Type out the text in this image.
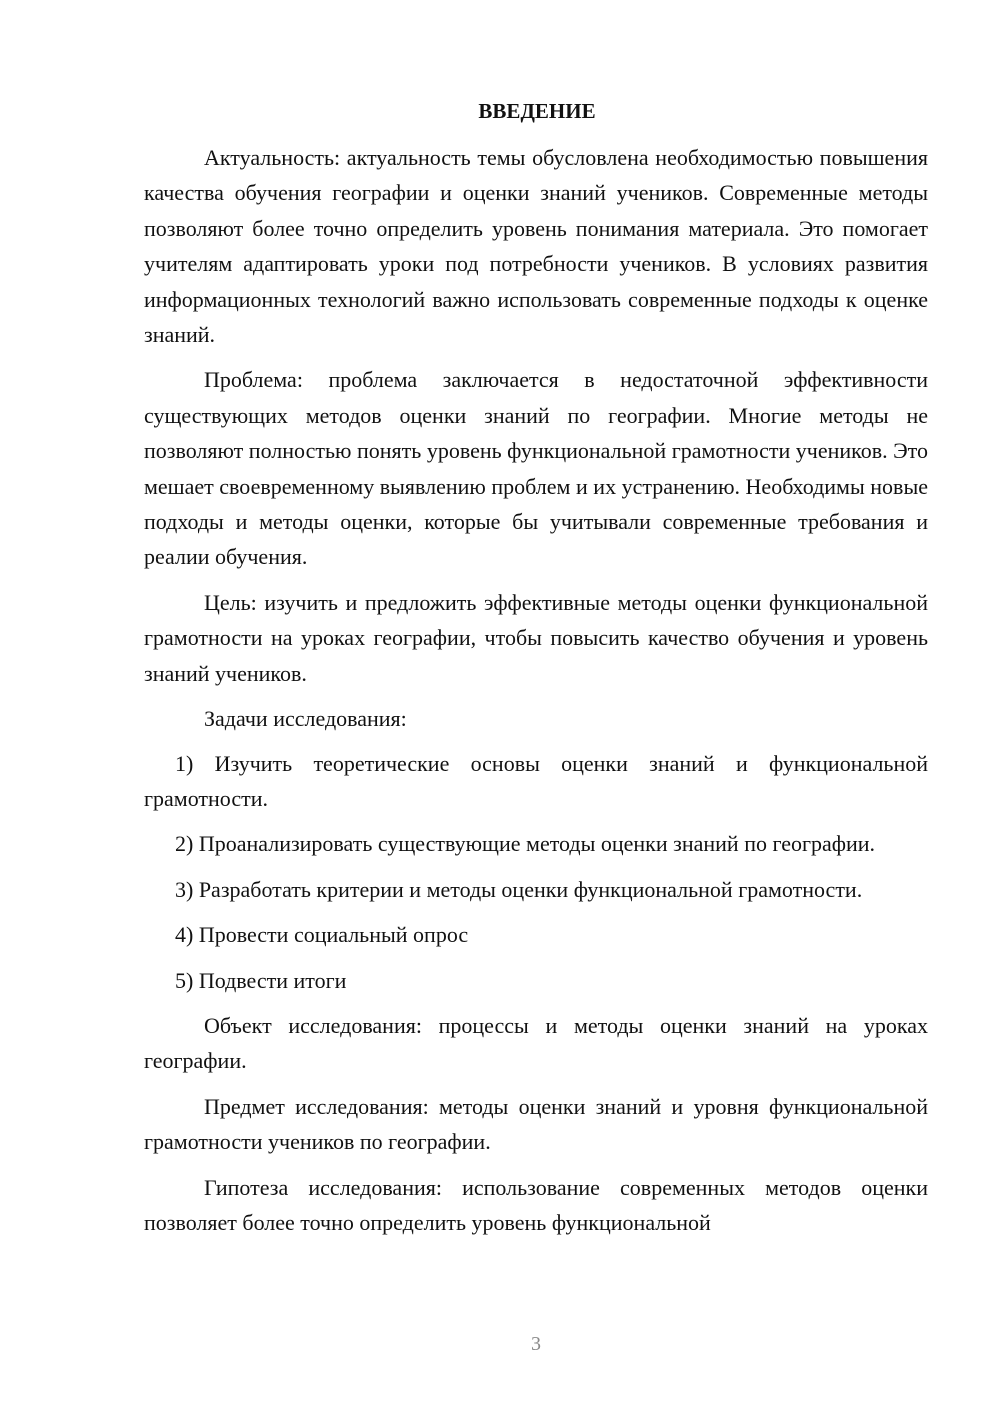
ВВЕДЕНИЕ

Актуальность: актуальность темы обусловлена необходимостью повышения качества обучения географии и оценки знаний учеников. Современные методы позволяют более точно определить уровень понимания материала. Это помогает учителям адаптировать уроки под потребности учеников. В условиях развития информационных технологий важно использовать современные подходы к оценке знаний.

Проблема: проблема заключается в недостаточной эффективности существующих методов оценки знаний по географии. Многие методы не позволяют полностью понять уровень функциональной грамотности учеников. Это мешает своевременному выявлению проблем и их устранению. Необходимы новые подходы и методы оценки, которые бы учитывали современные требования и реалии обучения.

Цель: изучить и предложить эффективные методы оценки функциональной грамотности на уроках географии, чтобы повысить качество обучения и уровень знаний учеников.

Задачи исследования:

1) Изучить теоретические основы оценки знаний и функциональной грамотности.

2) Проанализировать существующие методы оценки знаний по географии.

3) Разработать критерии и методы оценки функциональной грамотности.

4) Провести социальный опрос

5) Подвести итоги

Объект исследования: процессы и методы оценки знаний на уроках географии.

Предмет исследования: методы оценки знаний и уровня функциональной грамотности учеников по географии.

Гипотеза исследования: использование современных методов оценки позволяет более точно определить уровень функциональной

3
